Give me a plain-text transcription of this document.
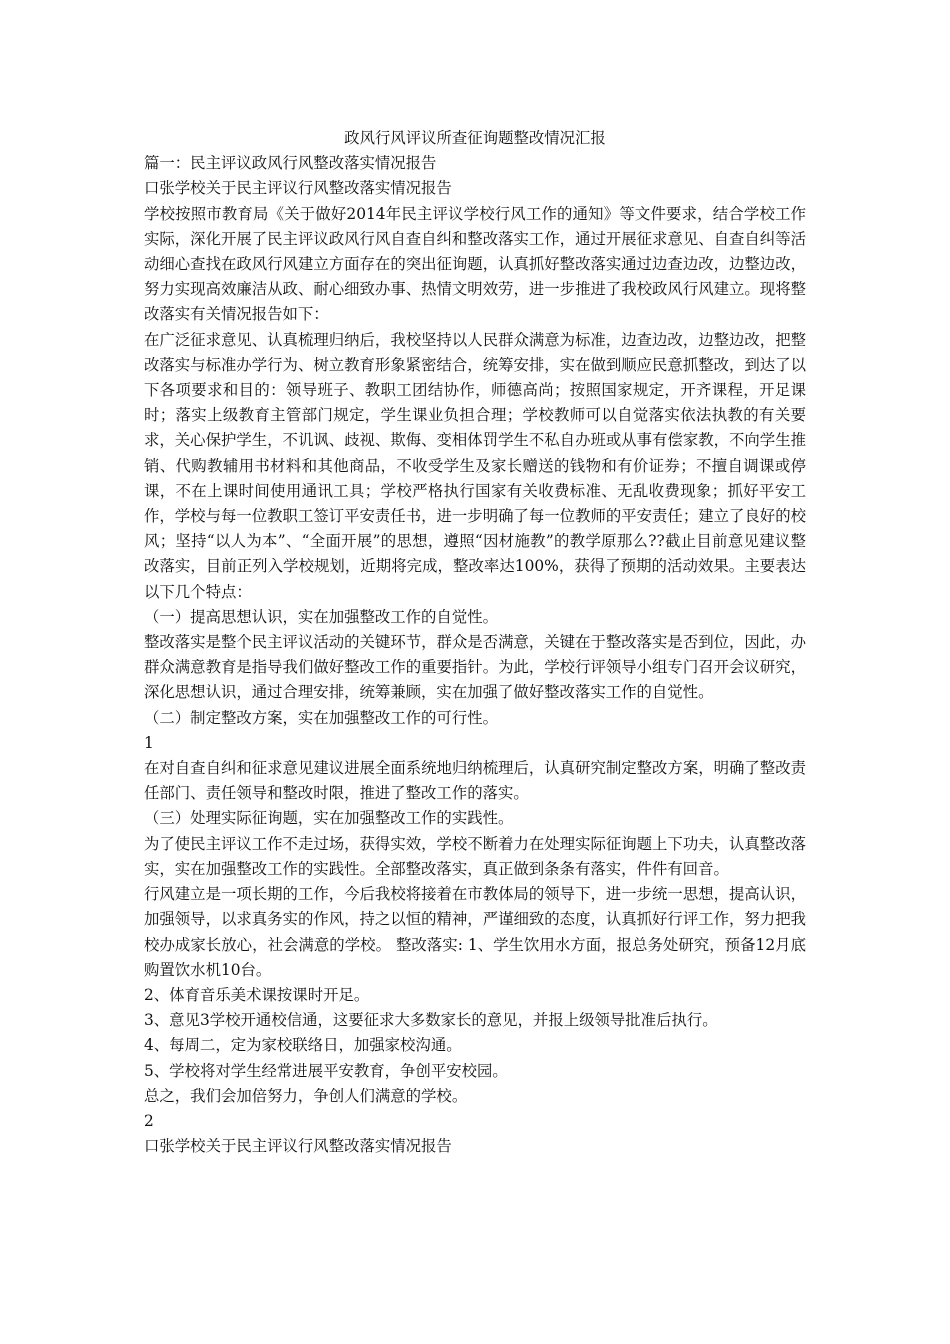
政风行风评议所查征询题整改情况汇报

篇一：民主评议政风行风整改落实情况报告

口张学校关于民主评议行风整改落实情况报告

学校按照市教育局《关于做好2014年民主评议学校行风工作的通知》等文件要求，结合学校工作实际，深化开展了民主评议政风行风自查自纠和整改落实工作，通过开展征求意见、自查自纠等活动细心查找在政风行风建立方面存在的突出征询题，认真抓好整改落实通过边查边改，边整边改，努力实现高效廉洁从政、耐心细致办事、热情文明效劳，进一步推进了我校政风行风建立。现将整改落实有关情况报告如下：

在广泛征求意见、认真梳理归纳后，我校坚持以人民群众满意为标准，边查边改，边整边改，把整改落实与标准办学行为、树立教育形象紧密结合，统筹安排，实在做到顺应民意抓整改，到达了以下各项要求和目的：领导班子、教职工团结协作，师德高尚；按照国家规定，开齐课程，开足课时；落实上级教育主管部门规定，学生课业负担合理；学校教师可以自觉落实依法执教的有关要求，关心保护学生，不讥讽、歧视、欺侮、变相体罚学生不私自办班或从事有偿家教，不向学生推销、代购教辅用书材料和其他商品，不收受学生及家长赠送的钱物和有价证券；不擅自调课或停课，不在上课时间使用通讯工具；学校严格执行国家有关收费标准、无乱收费现象；抓好平安工作，学校与每一位教职工签订平安责任书，进一步明确了每一位教师的平安责任；建立了良好的校风；坚持“以人为本”、“全面开展”的思想，遵照“因材施教”的教学原那么??截止目前意见建议整改落实，目前正列入学校规划，近期将完成，整改率达100%，获得了预期的活动效果。主要表达以下几个特点：

（一）提高思想认识，实在加强整改工作的自觉性。

整改落实是整个民主评议活动的关键环节，群众是否满意，关键在于整改落实是否到位，因此，办群众满意教育是指导我们做好整改工作的重要指针。为此，学校行评领导小组专门召开会议研究，深化思想认识，通过合理安排，统筹兼顾，实在加强了做好整改落实工作的自觉性。

（二）制定整改方案，实在加强整改工作的可行性。

1

在对自查自纠和征求意见建议进展全面系统地归纳梳理后，认真研究制定整改方案，明确了整改责任部门、责任领导和整改时限，推进了整改工作的落实。

（三）处理实际征询题，实在加强整改工作的实践性。

为了使民主评议工作不走过场，获得实效，学校不断着力在处理实际征询题上下功夫，认真整改落实，实在加强整改工作的实践性。全部整改落实，真正做到条条有落实，件件有回音。

行风建立是一项长期的工作，今后我校将接着在市教体局的领导下，进一步统一思想，提高认识，加强领导，以求真务实的作风，持之以恒的精神，严谨细致的态度，认真抓好行评工作，努力把我校办成家长放心，社会满意的学校。 整改落实: 1、学生饮用水方面，报总务处研究，预备12月底购置饮水机10台。

2、体育音乐美术课按课时开足。

3、意见3学校开通校信通，这要征求大多数家长的意见，并报上级领导批准后执行。

4、每周二，定为家校联络日，加强家校沟通。

5、学校将对学生经常进展平安教育，争创平安校园。

总之，我们会加倍努力，争创人们满意的学校。

2

口张学校关于民主评议行风整改落实情况报告
